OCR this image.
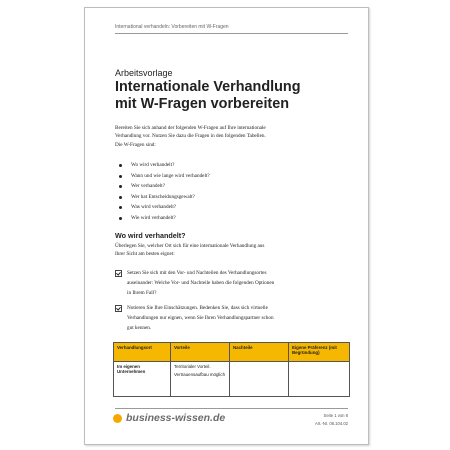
International verhandeln: Vorbereiten mit W-Fragen
Arbeitsvorlage
Internationale Verhandlung
mit W-Fragen vorbereiten
Bereiten Sie sich anhand der folgenden W-Fragen auf Ihre internationale
Verhandlung vor. Nutzen Sie dazu die Fragen in den folgenden Tabellen.
Die W-Fragen sind:
Wo wird verhandelt?
Wann und wie lange wird verhandelt?
Wer verhandelt?
Wer hat Entscheidungsgewalt?
Was wird verhandelt?
Wie wird verhandelt?
Wo wird verhandelt?
Überlegen Sie, welcher Ort sich für eine internationale Verhandlung aus
Ihrer Sicht am besten eignet:
Setzen Sie sich mit den Vor- und Nachteilen des Verhandlungsortes
auseinander: Welche Vor- und Nachteile haben die folgenden Optionen
in Ihrem Fall?
Notieren Sie Ihre Einschätzungen. Bedenken Sie, dass sich virtuelle
Verhandlungen nur eignen, wenn Sie Ihren Verhandlungspartner schon
gut kennen.
Verhandlungsort	Vorteile	Nachteile	Eigene Präferenz (mit Begründung)
Im eigenen Unternehmen	Territorialer Vorteil.
Vertrauensaufbau möglich		

business-wissen.de	Seite 1 von 8
Art.-Nr. 06.104.02
